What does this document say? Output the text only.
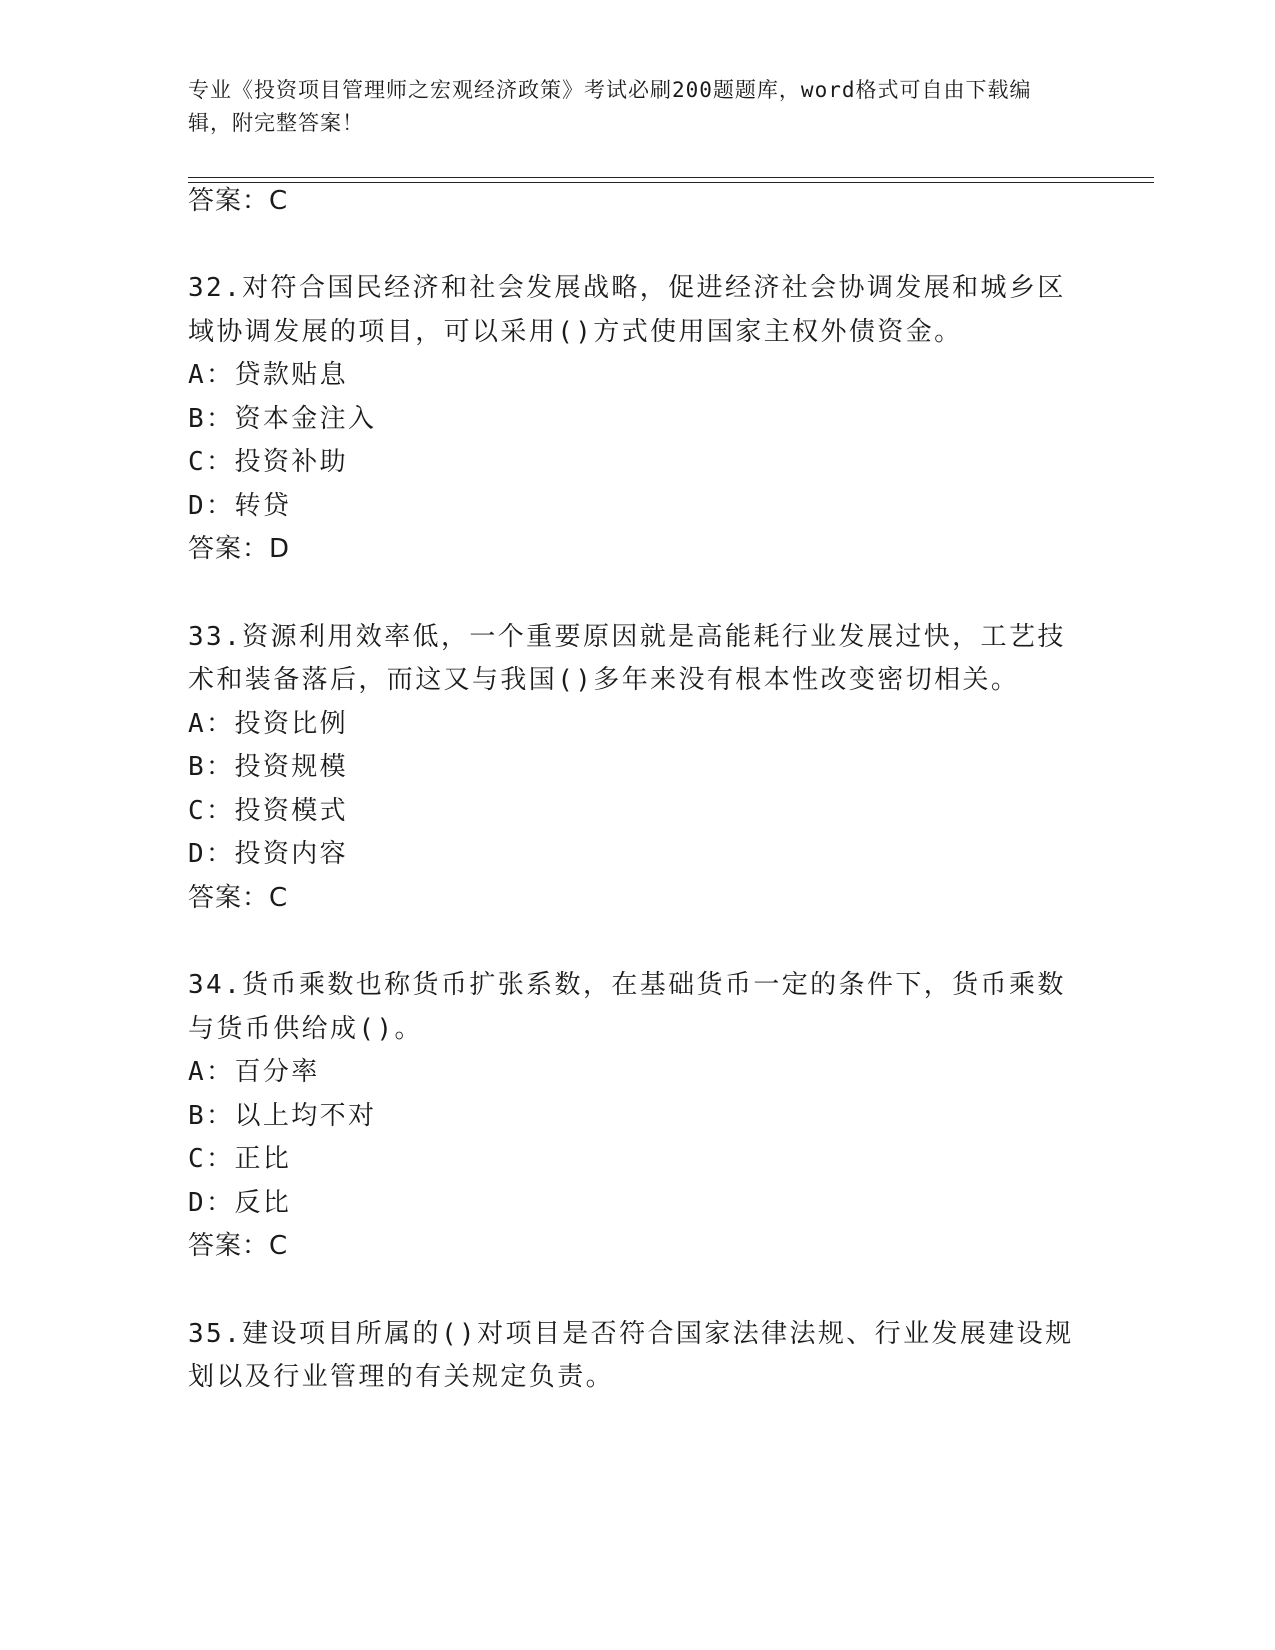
专业《投资项目管理师之宏观经济政策》考试必刷200题题库，word格式可自由下载编辑，附完整答案！
答案：C
32.对符合国民经济和社会发展战略，促进经济社会协调发展和城乡区
域协调发展的项目，可以采用()方式使用国家主权外债资金。
A：贷款贴息
B：资本金注入
C：投资补助
D：转贷
答案：D
33.资源利用效率低，一个重要原因就是高能耗行业发展过快，工艺技
术和装备落后，而这又与我国()多年来没有根本性改变密切相关。
A：投资比例
B：投资规模
C：投资模式
D：投资内容
答案：C
34.货币乘数也称货币扩张系数，在基础货币一定的条件下，货币乘数
与货币供给成()。
A：百分率
B：以上均不对
C：正比
D：反比
答案：C
35.建设项目所属的()对项目是否符合国家法律法规、行业发展建设规
划以及行业管理的有关规定负责。
